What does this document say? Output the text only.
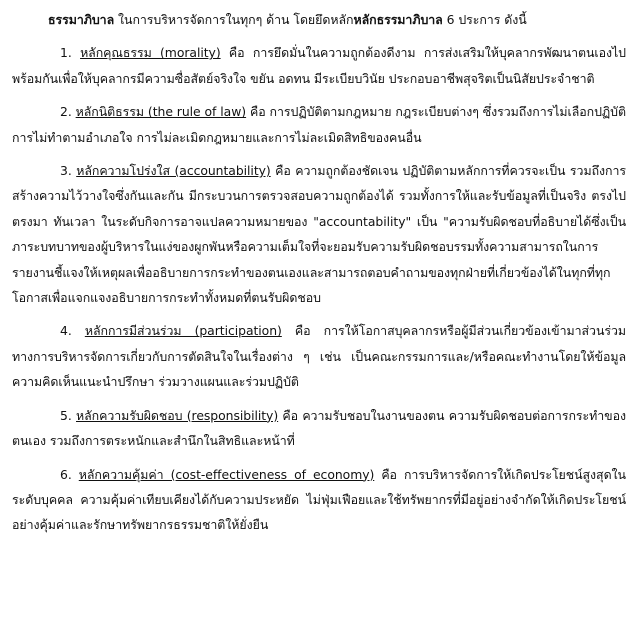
ธรรมาภิบาล ในการบริหารจัดการในทุกๆ ด้าน โดยยึดหลักหลักธรรมาภิบาล 6 ประการ ดังนี้

1. หลักคุณธรรม (morality) คือ การยึดมั่นในความถูกต้องดีงาม การส่งเสริมให้บุคลากรพัฒนาตนเองไปพร้อมกันเพื่อให้บุคลากรมีความซื่อสัตย์จริงใจ ขยัน อดทน มีระเบียบวินัย ประกอบอาชีพสุจริตเป็นนิสัยประจำชาติ

2. หลักนิติธรรม (the rule of law) คือ การปฏิบัติตามกฎหมาย กฎระเบียบต่างๆ ซึ่งรวมถึงการไม่เลือกปฏิบัติ การไม่ทำตามอำเภอใจ การไม่ละเมิดกฎหมายและการไม่ละเมิดสิทธิของคนอื่น

3. หลักความโปร่งใส (accountability) คือ ความถูกต้องชัดเจน ปฏิบัติตามหลักการที่ควรจะเป็น รวมถึงการสร้างความไว้วางใจซึ่งกันและกัน มีกระบวนการตรวจสอบความถูกต้องได้ รวมทั้งการให้และรับข้อมูลที่เป็นจริง ตรงไปตรงมา ทันเวลา ในระดับกิจการอาจแปลความหมายของ "accountability" เป็น "ความรับผิดชอบที่อธิบายได้ซึ่งเป็นภาระบทบาทของผู้บริหารในแง่ของผูกพันหรือความเต็มใจที่จะยอมรับความรับผิดชอบรรมทั้งความสามารถในการรายงานชี้แจงให้เหตุผลเพื่ออธิบายการกระทำของตนเองและสามารถตอบคำถามของทุกฝ่ายที่เกี่ยวข้องได้ในทุกที่ทุกโอกาสเพื่อแจกแจงอธิบายการกระทำทั้งหมดที่ตนรับผิดชอบ

4. หลักการมีส่วนร่วม (participation) คือ การให้โอกาสบุคลากรหรือผู้มีส่วนเกี่ยวข้องเข้ามาส่วนร่วมทางการบริหารจัดการเกี่ยวกับการตัดสินใจในเรื่องต่าง ๆ เช่น เป็นคณะกรรมการและ/หรือคณะทำงานโดยให้ข้อมูลความคิดเห็นแนะนำปรึกษา ร่วมวางแผนและร่วมปฏิบัติ

5. หลักความรับผิดชอบ (responsibility) คือ ความรับชอบในงานของตน ความรับผิดชอบต่อการกระทำของตนเอง รวมถึงการตระหนักและสำนึกในสิทธิและหน้าที่

6. หลักความคุ้มค่า (cost-effectiveness of economy) คือ การบริหารจัดการให้เกิดประโยชน์สูงสุดในระดับบุคคล ความคุ้มค่าเทียบเคียงได้กับความประหยัด ไม่ฟุ่มเฟือยและใช้ทรัพยากรที่มีอยู่อย่างจำกัดให้เกิดประโยชน์อย่างคุ้มค่าและรักษาทรัพยากรธรรมชาติให้ยั่งยืน
